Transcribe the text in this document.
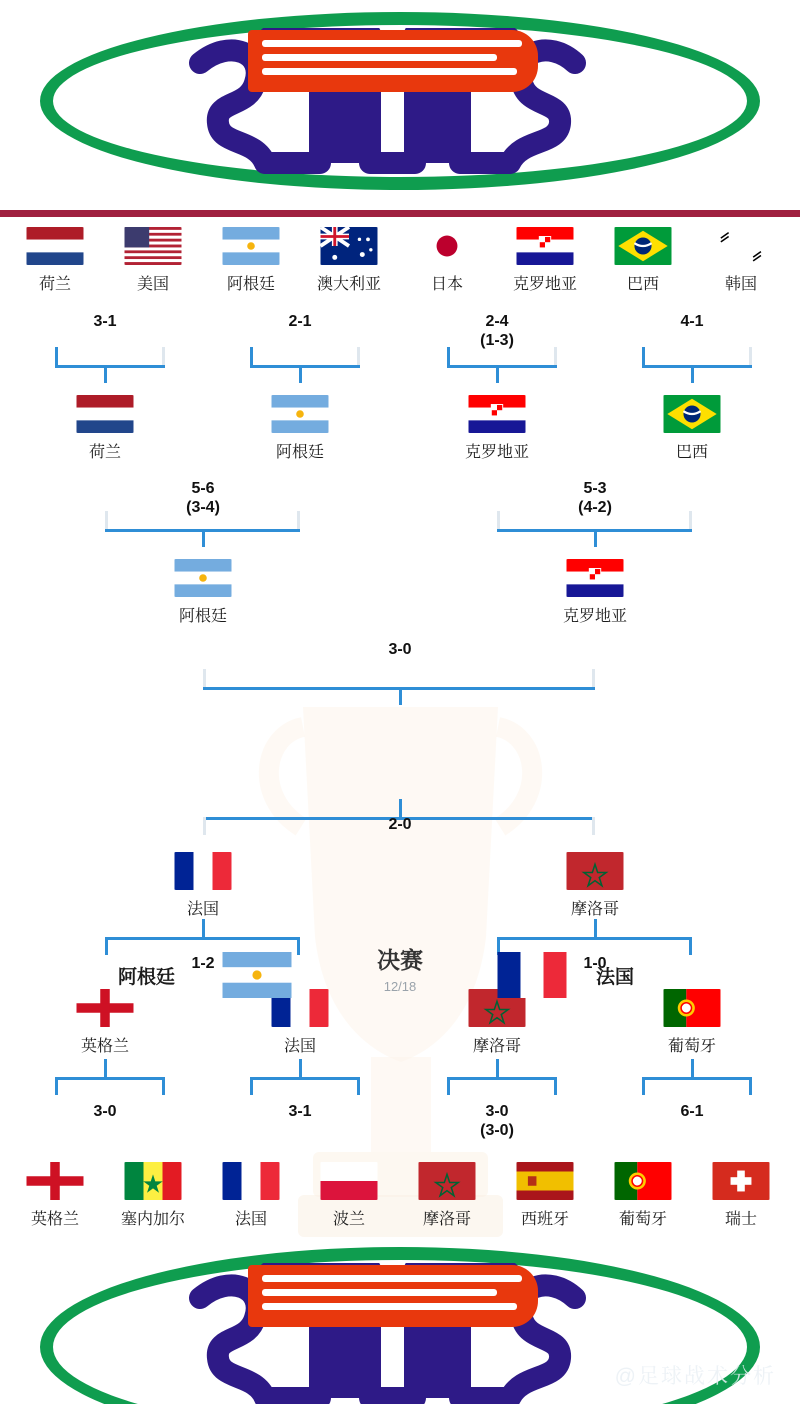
荷兰	美国	阿根廷	澳大利亚	日本	克罗地亚	巴西	韩国
3-1	2-1	2-4
(1-3)
4-1
荷兰	阿根廷	克罗地亚	巴西
5-6
(3-4)
5-3
(4-2)
阿根廷	克罗地亚
3-0
2-0
法国	摩洛哥
1-2	1-0
英格兰	法国	摩洛哥	葡萄牙
3-0	3-1	3-0
(3-0)
6-1
英格兰	塞内加尔	法国	波兰	摩洛哥	西班牙	葡萄牙	瑞士
决赛
12/18
阿根廷	法国
@足球战术分析
